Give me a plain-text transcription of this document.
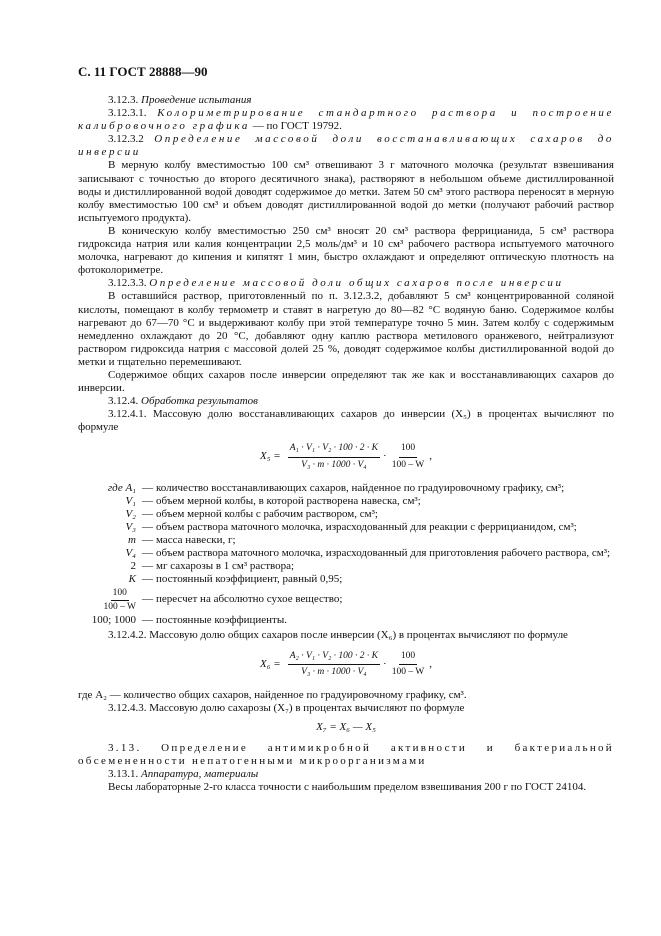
С. 11 ГОСТ 28888—90

3.12.3. Проведение испытания

3.12.3.1. Колориметрирование стандартного раствора и построение калибровочного графика — по ГОСТ 19792.

3.12.3.2 Определение массовой доли восстанавливающих сахаров до инверсии

В мерную колбу вместимостью 100 см³ отвешивают 3 г маточного молочка (результат взвешивания записывают с точностью до второго десятичного знака), растворяют в небольшом объеме дистиллированной воды и дистиллированной водой доводят содержимое до метки. Затем 50 см³ этого раствора переносят в мерную колбу вместимостью 100 см³ и объем доводят дистиллированной водой до метки (получают рабочий раствор испытуемого продукта).

В коническую колбу вместимостью 250 см³ вносят 20 см³ раствора феррицианида, 5 см³ раствора гидроксида натрия или калия концентрации 2,5 моль/дм³ и 10 см³ рабочего раствора испытуемого маточного молочка, нагревают до кипения и кипятят 1 мин, быстро охлаждают и определяют оптическую плотность на фотоколориметре.

3.12.3.3. Определение массовой доли общих сахаров после инверсии

В оставшийся раствор, приготовленный по п. 3.12.3.2, добавляют 5 см³ концентрированной соляной кислоты, помещают в колбу термометр и ставят в нагретую до 80—82 °С водяную баню. Содержимое колбы нагревают до 67—70 °С и выдерживают колбу при этой температуре точно 5 мин. Затем колбу с содержимым немедленно охлаждают до 20 °С, добавляют одну каплю раствора метилового оранжевого, нейтрализуют раствором гидроксида натрия с массовой долей 25 %, доводят содержимое колбы дистиллированной водой до метки и тщательно перемешивают.

Содержимое общих сахаров после инверсии определяют так же как и восстанавливающих сахаров до инверсии.

3.12.4. Обработка результатов

3.12.4.1. Массовую долю восстанавливающих сахаров до инверсии (X₅) в процентах вычисляют по формуле

$X_5 = \frac{\text{A₁ · V₁ · V₂ · 100 · 2 · K}}{\text{V₃ · m · 1000 · V₄}} \cdot \frac{100}{100 - W}$ ,
где A₁ — количество восстанавливающих сахаров, найденное по градуировочному графику, см³;
V₁ — объем мерной колбы, в которой растворена навеска, см³;
V₂ — объем мерной колбы с рабочим раствором, см³;
V₃ — объем раствора маточного молочка, израсходованный для реакции с феррицианидом, см³;
m — масса навески, г;
V₄ — объем раствора маточного молочка, израсходованный для приготовления рабочего раствора, см³;
2 — мг сахарозы в 1 см³ раствора;
K — постоянный коэффициент, равный 0,95;
$\frac{100}{100 - W}$ — пересчет на абсолютно сухое вещество;
100; 1000 — постоянные коэффициенты.

3.12.4.2. Массовую долю общих сахаров после инверсии (X₆) в процентах вычисляют по формуле

$X_6 = \frac{\text{A₂ · V₁ · V₂ · 100 · 2 · K}}{\text{V₃ · m · 1000 · V₄}} \cdot \frac{100}{100 - W}$ ,

где A₂ — количество общих сахаров, найденное по градуировочному графику, см³.

3.12.4.3. Массовую долю сахарозы (X₇) в процентах вычисляют по формуле

X₇ = X₆ — X₅

3.13. Определение антимикробной активности и бактериальной обсемененности непатогенными микроорганизмами

3.13.1. Аппаратура, материалы

Весы лабораторные 2-го класса точности с наибольшим пределом взвешивания 200 г по ГОСТ 24104.
